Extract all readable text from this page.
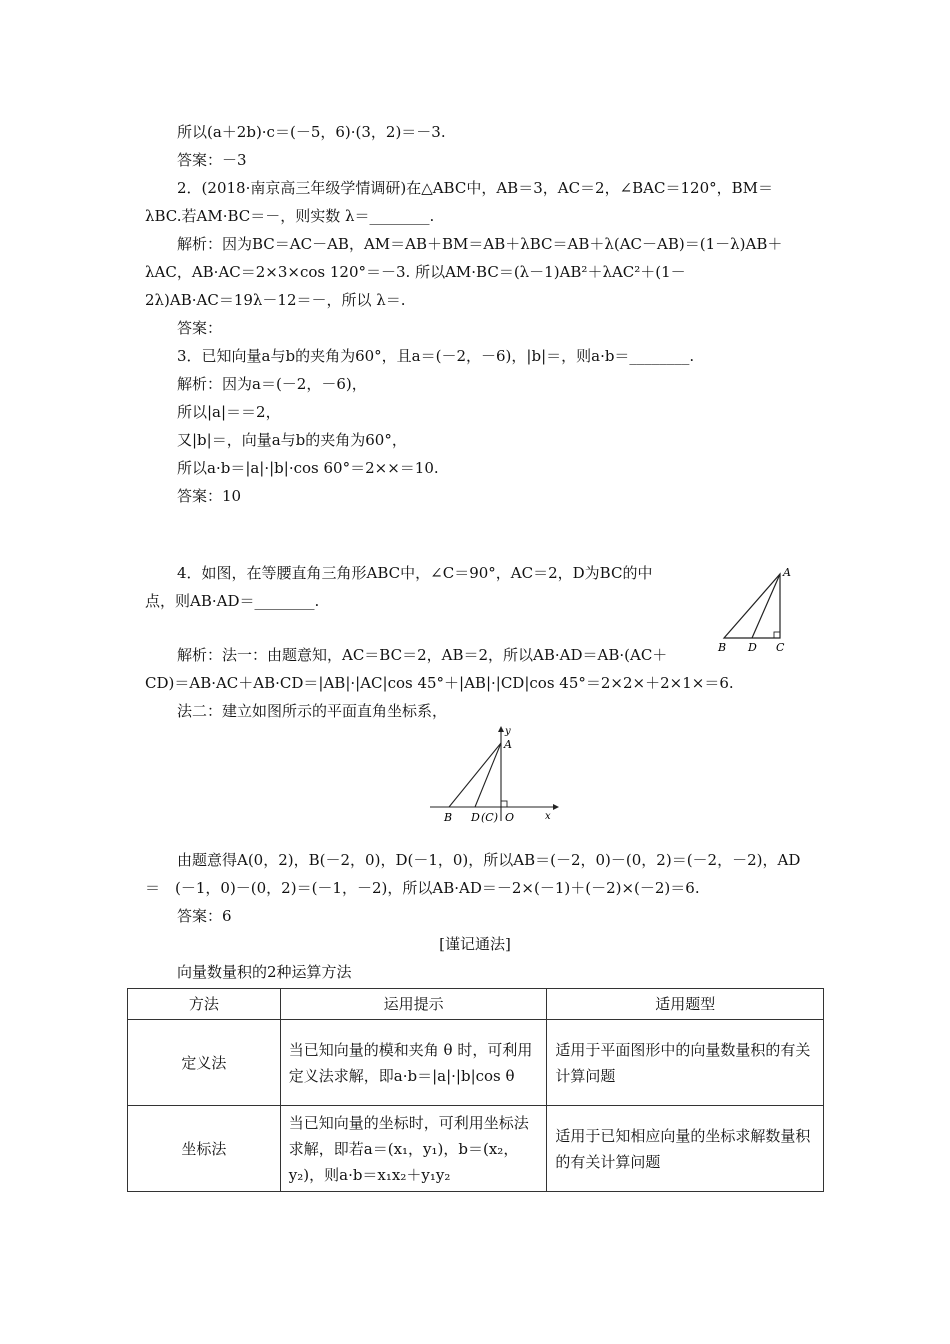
所以(a＋2b)·c＝(－5，6)·(3，2)＝－3.
答案：－3
2．(2018·南京高三年级学情调研)在△ABC中，AB＝3，AC＝2，∠BAC＝120°，BM＝
λBC.若AM·BC＝－，则实数 λ＝________.
解析：因为BC＝AC－AB，AM＝AB＋BM＝AB＋λBC＝AB＋λ(AC－AB)＝(1－λ)AB＋
λAC，AB·AC＝2×3×cos 120°＝－3. 所以AM·BC＝(λ－1)AB²＋λAC²＋(1－
2λ)AB·AC＝19λ－12＝－，所以 λ＝.
答案：
3．已知向量a与b的夹角为60°，且a＝(－2，－6)，|b|＝，则a·b＝________.
解析：因为a＝(－2，－6)，
所以|a|＝＝2，
又|b|＝，向量a与b的夹角为60°，
所以a·b＝|a|·|b|·cos 60°＝2××＝10.
答案：10
4．如图，在等腰直角三角形ABC中，∠C＝90°，AC＝2，D为BC的中
点，则AB·AD＝________.
A
B D C
解析：法一：由题意知，AC＝BC＝2，AB＝2，所以AB·AD＝AB·(AC＋
CD)＝AB·AC＋AB·CD＝|AB|·|AC|cos 45°＋|AB|·|CD|cos 45°＝2×2×＋2×1×＝6.
法二：建立如图所示的平面直角坐标系，
y
A
x
B D (C) O
由题意得A(0，2)，B(－2，0)，D(－1，0)，所以AB＝(－2，0)－(0，2)＝(－2，－2)，AD
＝　(－1，0)－(0，2)＝(－1，－2)，所以AB·AD＝－2×(－1)＋(－2)×(－2)＝6.
答案：6
[谨记通法]
向量数量积的2种运算方法
方法	运用提示	适用题型
定义法	当已知向量的模和夹角 θ 时，可利用定义法求解，即a·b＝|a|·|b|cos θ	适用于平面图形中的向量数量积的有关计算问题
坐标法	当已知向量的坐标时，可利用坐标法求解，即若a＝(x₁，y₁)，b＝(x₂，y₂)，则a·b＝x₁x₂＋y₁y₂	适用于已知相应向量的坐标求解数量积的有关计算问题
